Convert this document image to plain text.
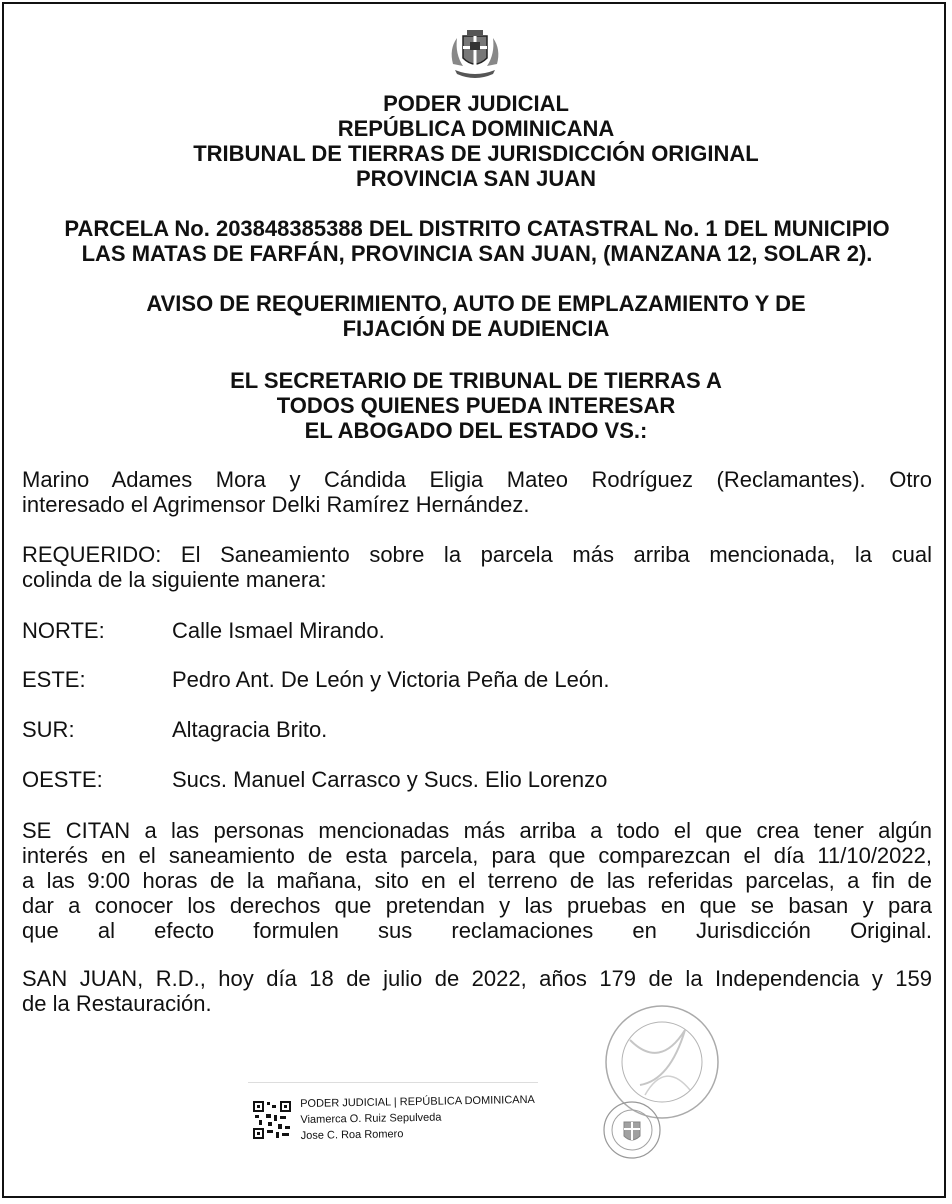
PODER JUDICIAL
REPÚBLICA DOMINICANA
TRIBUNAL DE TIERRAS DE JURISDICCIÓN ORIGINAL
PROVINCIA SAN JUAN
PARCELA No. 203848385388 DEL DISTRITO CATASTRAL No. 1 DEL MUNICIPIO
LAS MATAS DE FARFÁN, PROVINCIA SAN JUAN, (MANZANA 12, SOLAR 2).
AVISO DE REQUERIMIENTO, AUTO DE EMPLAZAMIENTO Y DE
FIJACIÓN DE AUDIENCIA
EL SECRETARIO DE TRIBUNAL DE TIERRAS A
TODOS QUIENES PUEDA INTERESAR
EL ABOGADO DEL ESTADO VS.:
Marino Adames Mora y Cándida Eligia Mateo Rodríguez (Reclamantes). Otro
interesado el Agrimensor Delki Ramírez Hernández.
REQUERIDO: El Saneamiento sobre la parcela más arriba mencionada, la cual
colinda de la siguiente manera:
NORTE:	Calle Ismael Mirando.
ESTE:	Pedro Ant. De León y Victoria Peña de León.
SUR:	Altagracia Brito.
OESTE:	Sucs. Manuel Carrasco y Sucs. Elio Lorenzo
SE CITAN a las personas mencionadas más arriba a todo el que crea tener algún
interés en el saneamiento de esta parcela, para que comparezcan el día 11/10/2022,
a las 9:00 horas de la mañana, sito en el terreno de las referidas parcelas, a fin de
dar a conocer los derechos que pretendan y las pruebas en que se basan y para
que al efecto formulen sus reclamaciones en Jurisdicción Original.
SAN JUAN, R.D., hoy día 18 de julio de 2022, años 179 de la Independencia y 159
de la Restauración.
PODER JUDICIAL | REPÚBLICA DOMINICANA
Viamerca O. Ruiz Sepulveda
Jose C. Roa Romero
